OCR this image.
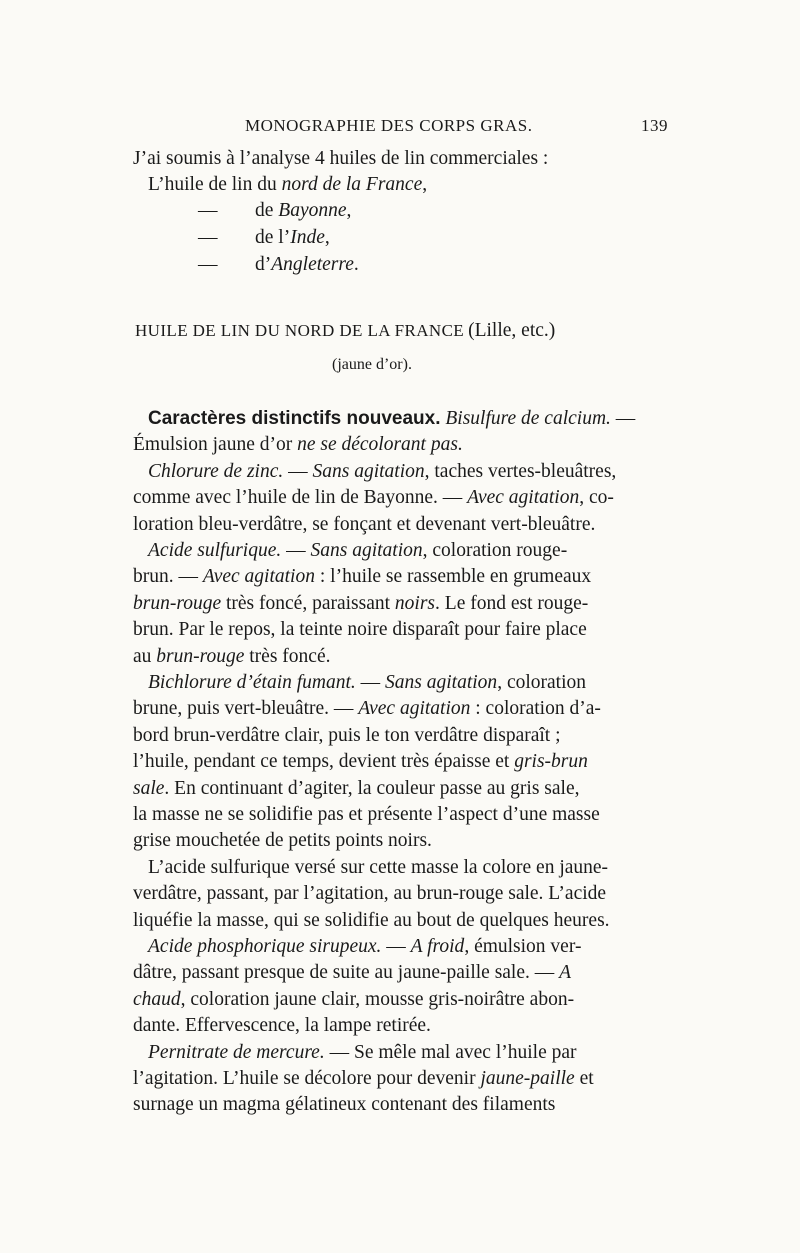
MONOGRAPHIE DES CORPS GRAS.	139
J’ai soumis à l’analyse 4 huiles de lin commerciales :
L’huile de lin du nord de la France,
— de Bayonne,
— de l’Inde,
— d’Angleterre.
HUILE DE LIN DU NORD DE LA FRANCE (Lille, etc.)
(jaune d’or).
Caractères distinctifs nouveaux. Bisulfure de calcium. —
Émulsion jaune d’or ne se décolorant pas.
Chlorure de zinc. — Sans agitation, taches vertes-bleuâtres,
comme avec l’huile de lin de Bayonne. — Avec agitation, co-
loration bleu-verdâtre, se fonçant et devenant vert-bleuâtre.
Acide sulfurique. — Sans agitation, coloration rouge-
brun. — Avec agitation : l’huile se rassemble en grumeaux
brun-rouge très foncé, paraissant noirs. Le fond est rouge-
brun. Par le repos, la teinte noire disparaît pour faire place
au brun-rouge très foncé.
Bichlorure d’étain fumant. — Sans agitation, coloration
brune, puis vert-bleuâtre. — Avec agitation : coloration d’a-
bord brun-verdâtre clair, puis le ton verdâtre disparaît ;
l’huile, pendant ce temps, devient très épaisse et gris-brun
sale. En continuant d’agiter, la couleur passe au gris sale,
la masse ne se solidifie pas et présente l’aspect d’une masse
grise mouchetée de petits points noirs.
L’acide sulfurique versé sur cette masse la colore en jaune-
verdâtre, passant, par l’agitation, au brun-rouge sale. L’acide
liquéfie la masse, qui se solidifie au bout de quelques heures.
Acide phosphorique sirupeux. — A froid, émulsion ver-
dâtre, passant presque de suite au jaune-paille sale. — A
chaud, coloration jaune clair, mousse gris-noirâtre abon-
dante. Effervescence, la lampe retirée.
Pernitrate de mercure. — Se mêle mal avec l’huile par
l’agitation. L’huile se décolore pour devenir jaune-paille et
surnage un magma gélatineux contenant des filaments
